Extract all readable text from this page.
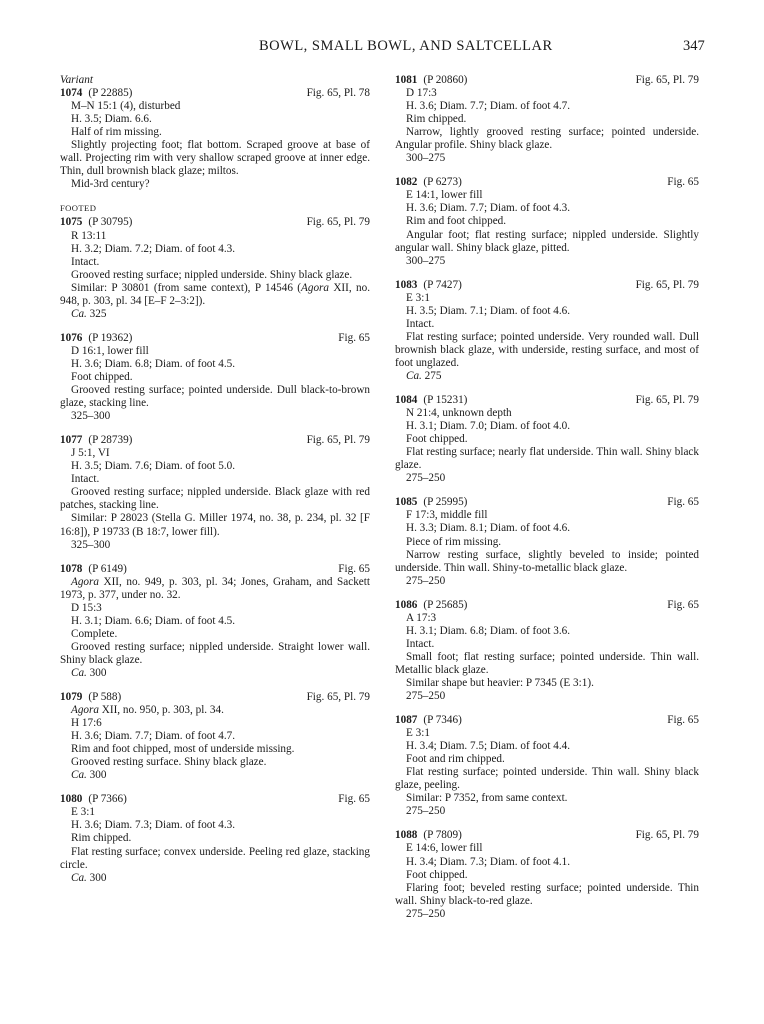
BOWL, SMALL BOWL, AND SALTCELLAR	347
Variant
1074 (P 22885)	Fig. 65, Pl. 78
M–N 15:1 (4), disturbed
H. 3.5; Diam. 6.6.
Half of rim missing.
Slightly projecting foot; flat bottom. Scraped groove at base of wall. Projecting rim with very shallow scraped groove at inner edge. Thin, dull brownish black glaze; miltos.
Mid-3rd century?
FOOTED
1075 (P 30795)	Fig. 65, Pl. 79
R 13:11
H. 3.2; Diam. 7.2; Diam. of foot 4.3.
Intact.
Grooved resting surface; nippled underside. Shiny black glaze.
Similar: P 30801 (from same context), P 14546 (Agora XII, no. 948, p. 303, pl. 34 [E–F 2–3:2]).
Ca. 325
1076 (P 19362)	Fig. 65
D 16:1, lower fill
H. 3.6; Diam. 6.8; Diam. of foot 4.5.
Foot chipped.
Grooved resting surface; pointed underside. Dull black-to-brown glaze, stacking line.
325–300
1077 (P 28739)	Fig. 65, Pl. 79
J 5:1, VI
H. 3.5; Diam. 7.6; Diam. of foot 5.0.
Intact.
Grooved resting surface; nippled underside. Black glaze with red patches, stacking line.
Similar: P 28023 (Stella G. Miller 1974, no. 38, p. 234, pl. 32 [F 16:8]), P 19733 (B 18:7, lower fill).
325–300
1078 (P 6149)	Fig. 65
Agora XII, no. 949, p. 303, pl. 34; Jones, Graham, and Sackett 1973, p. 377, under no. 32.
D 15:3
H. 3.1; Diam. 6.6; Diam. of foot 4.5.
Complete.
Grooved resting surface; nippled underside. Straight lower wall. Shiny black glaze.
Ca. 300
1079 (P 588)	Fig. 65, Pl. 79
Agora XII, no. 950, p. 303, pl. 34.
H 17:6
H. 3.6; Diam. 7.7; Diam. of foot 4.7.
Rim and foot chipped, most of underside missing.
Grooved resting surface. Shiny black glaze.
Ca. 300
1080 (P 7366)	Fig. 65
E 3:1
H. 3.6; Diam. 7.3; Diam. of foot 4.3.
Rim chipped.
Flat resting surface; convex underside. Peeling red glaze, stacking circle.
Ca. 300
1081 (P 20860)	Fig. 65, Pl. 79
D 17:3
H. 3.6; Diam. 7.7; Diam. of foot 4.7.
Rim chipped.
Narrow, lightly grooved resting surface; pointed underside. Angular profile. Shiny black glaze.
300–275
1082 (P 6273)	Fig. 65
E 14:1, lower fill
H. 3.6; Diam. 7.7; Diam. of foot 4.3.
Rim and foot chipped.
Angular foot; flat resting surface; nippled underside. Slightly angular wall. Shiny black glaze, pitted.
300–275
1083 (P 7427)	Fig. 65, Pl. 79
E 3:1
H. 3.5; Diam. 7.1; Diam. of foot 4.6.
Intact.
Flat resting surface; pointed underside. Very rounded wall. Dull brownish black glaze, with underside, resting surface, and most of foot unglazed.
Ca. 275
1084 (P 15231)	Fig. 65, Pl. 79
N 21:4, unknown depth
H. 3.1; Diam. 7.0; Diam. of foot 4.0.
Foot chipped.
Flat resting surface; nearly flat underside. Thin wall. Shiny black glaze.
275–250
1085 (P 25995)	Fig. 65
F 17:3, middle fill
H. 3.3; Diam. 8.1; Diam. of foot 4.6.
Piece of rim missing.
Narrow resting surface, slightly beveled to inside; pointed underside. Thin wall. Shiny-to-metallic black glaze.
275–250
1086 (P 25685)	Fig. 65
A 17:3
H. 3.1; Diam. 6.8; Diam. of foot 3.6.
Intact.
Small foot; flat resting surface; pointed underside. Thin wall. Metallic black glaze.
Similar shape but heavier: P 7345 (E 3:1).
275–250
1087 (P 7346)	Fig. 65
E 3:1
H. 3.4; Diam. 7.5; Diam. of foot 4.4.
Foot and rim chipped.
Flat resting surface; pointed underside. Thin wall. Shiny black glaze, peeling.
Similar: P 7352, from same context.
275–250
1088 (P 7809)	Fig. 65, Pl. 79
E 14:6, lower fill
H. 3.4; Diam. 7.3; Diam. of foot 4.1.
Foot chipped.
Flaring foot; beveled resting surface; pointed underside. Thin wall. Shiny black-to-red glaze.
275–250
